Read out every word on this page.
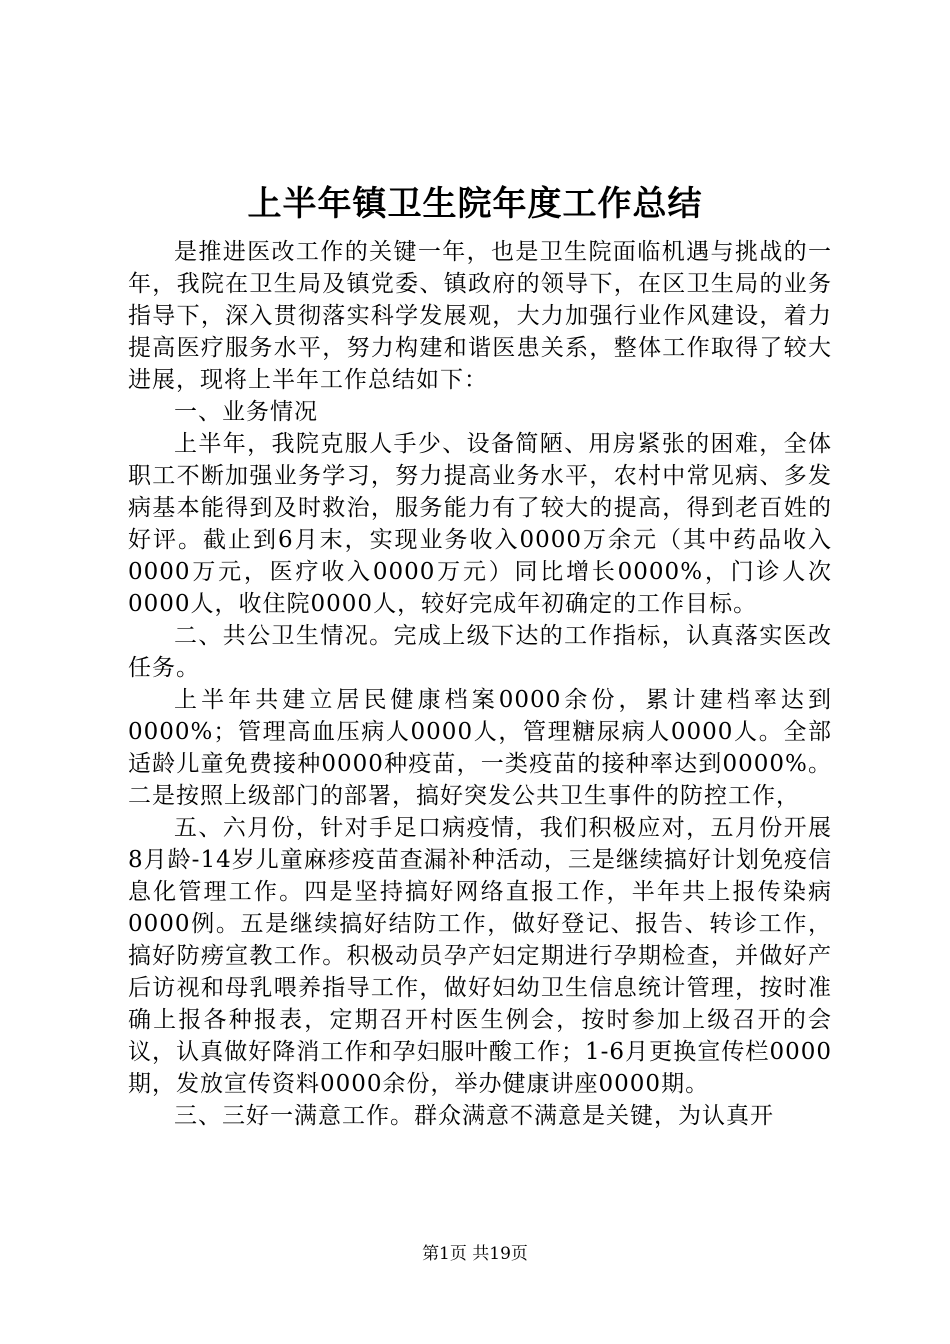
上半年镇卫生院年度工作总结

是推进医改工作的关键一年，也是卫生院面临机遇与挑战的一年，我院在卫生局及镇党委、镇政府的领导下，在区卫生局的业务指导下，深入贯彻落实科学发展观，大力加强行业作风建设，着力提高医疗服务水平，努力构建和谐医患关系，整体工作取得了较大进展，现将上半年工作总结如下：

一、业务情况

上半年，我院克服人手少、设备简陋、用房紧张的困难，全体职工不断加强业务学习，努力提高业务水平，农村中常见病、多发病基本能得到及时救治，服务能力有了较大的提高，得到老百姓的好评。截止到6月末，实现业务收入0000万余元（其中药品收入0000万元，医疗收入0000万元）同比增长0000%，门诊人次0000人，收住院0000人，较好完成年初确定的工作目标。

二、共公卫生情况。完成上级下达的工作指标，认真落实医改任务。

上半年共建立居民健康档案0000余份，累计建档率达到0000%；管理高血压病人0000人，管理糖尿病人0000人。全部适龄儿童免费接种0000种疫苗，一类疫苗的接种率达到0000%。二是按照上级部门的部署，搞好突发公共卫生事件的防控工作，

五、六月份，针对手足口病疫情，我们积极应对，五月份开展8月龄-14岁儿童麻疹疫苗查漏补种活动，三是继续搞好计划免疫信息化管理工作。四是坚持搞好网络直报工作，半年共上报传染病0000例。五是继续搞好结防工作，做好登记、报告、转诊工作，搞好防痨宣教工作。积极动员孕产妇定期进行孕期检查，并做好产后访视和母乳喂养指导工作，做好妇幼卫生信息统计管理，按时准确上报各种报表，定期召开村医生例会，按时参加上级召开的会议，认真做好降消工作和孕妇服叶酸工作；1-6月更换宣传栏0000期，发放宣传资料0000余份，举办健康讲座0000期。

三、三好一满意工作。群众满意不满意是关键，为认真开

第1页 共19页
